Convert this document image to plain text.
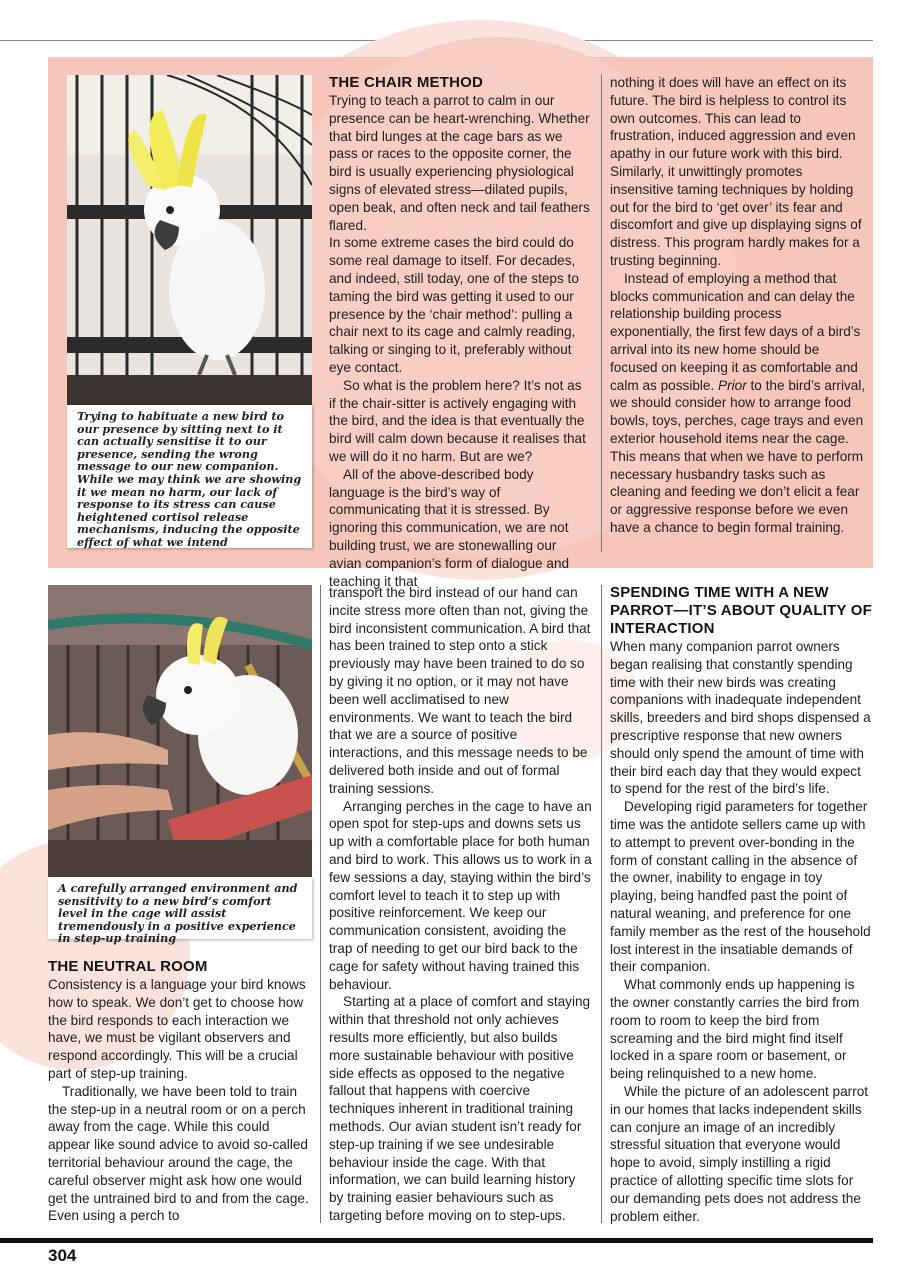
Trying to habituate a new bird to our presence by sitting next to it can actually sensitise it to our presence, sending the wrong message to our new companion. While we may think we are showing it we mean no harm, our lack of response to its stress can cause heightened cortisol release mechanisms, inducing the opposite effect of what we intend
THE CHAIR METHOD

Trying to teach a parrot to calm in our presence can be heart-wrenching. Whether that bird lunges at the cage bars as we pass or races to the opposite corner, the bird is usually experiencing physiological signs of elevated stress—dilated pupils, open beak, and often neck and tail feathers flared.

In some extreme cases the bird could do some real damage to itself. For decades, and indeed, still today, one of the steps to taming the bird was getting it used to our presence by the ‘chair method’: pulling a chair next to its cage and calmly reading, talking or singing to it, preferably without eye contact.

So what is the problem here? It’s not as if the chair-sitter is actively engaging with the bird, and the idea is that eventually the bird will calm down because it realises that we will do it no harm. But are we?

All of the above-described body language is the bird’s way of communicating that it is stressed. By ignoring this communication, we are not building trust, we are stonewalling our avian companion’s form of dialogue and teaching it that

nothing it does will have an effect on its future. The bird is helpless to control its own outcomes. This can lead to frustration, induced aggression and even apathy in our future work with this bird. Similarly, it unwittingly promotes insensitive taming techniques by holding out for the bird to ‘get over’ its fear and discomfort and give up displaying signs of distress. This program hardly makes for a trusting beginning.

Instead of employing a method that blocks communication and can delay the relationship building process exponentially, the first few days of a bird’s arrival into its new home should be focused on keeping it as comfortable and calm as possible. Prior to the bird’s arrival, we should consider how to arrange food bowls, toys, perches, cage trays and even exterior household items near the cage. This means that when we have to perform necessary husbandry tasks such as cleaning and feeding we don’t elicit a fear or aggressive response before we even have a chance to begin formal training.

A carefully arranged environment and sensitivity to a new bird’s comfort level in the cage will assist tremendously in a positive experience in step-up training
THE NEUTRAL ROOM

Consistency is a language your bird knows how to speak. We don’t get to choose how the bird responds to each interaction we have, we must be vigilant observers and respond accordingly. This will be a crucial part of step-up training.

Traditionally, we have been told to train the step-up in a neutral room or on a perch away from the cage. While this could appear like sound advice to avoid so-called territorial behaviour around the cage, the careful observer might ask how one would get the untrained bird to and from the cage. Even using a perch to

transport the bird instead of our hand can incite stress more often than not, giving the bird inconsistent communication. A bird that has been trained to step onto a stick previously may have been trained to do so by giving it no option, or it may not have been well acclimatised to new environments. We want to teach the bird that we are a source of positive interactions, and this message needs to be delivered both inside and out of formal training sessions.

Arranging perches in the cage to have an open spot for step-ups and downs sets us up with a comfortable place for both human and bird to work. This allows us to work in a few sessions a day, staying within the bird’s comfort level to teach it to step up with positive reinforcement. We keep our communication consistent, avoiding the trap of needing to get our bird back to the cage for safety without having trained this behaviour.

Starting at a place of comfort and staying within that threshold not only achieves results more efficiently, but also builds more sustainable behaviour with positive side effects as opposed to the negative fallout that happens with coercive techniques inherent in traditional training methods. Our avian student isn’t ready for step-up training if we see undesirable behaviour inside the cage. With that information, we can build learning history by training easier behaviours such as targeting before moving on to step-ups.

SPENDING TIME WITH A NEW PARROT—IT’S ABOUT QUALITY OF INTERACTION

When many companion parrot owners began realising that constantly spending time with their new birds was creating companions with inadequate independent skills, breeders and bird shops dispensed a prescriptive response that new owners should only spend the amount of time with their bird each day that they would expect to spend for the rest of the bird’s life.

Developing rigid parameters for together time was the antidote sellers came up with to attempt to prevent over-bonding in the form of constant calling in the absence of the owner, inability to engage in toy playing, being handfed past the point of natural weaning, and preference for one family member as the rest of the household lost interest in the insatiable demands of their companion.

What commonly ends up happening is the owner constantly carries the bird from room to room to keep the bird from screaming and the bird might find itself locked in a spare room or basement, or being relinquished to a new home.

While the picture of an adolescent parrot in our homes that lacks independent skills can conjure an image of an incredibly stressful situation that everyone would hope to avoid, simply instilling a rigid practice of allotting specific time slots for our demanding pets does not address the problem either.

304
